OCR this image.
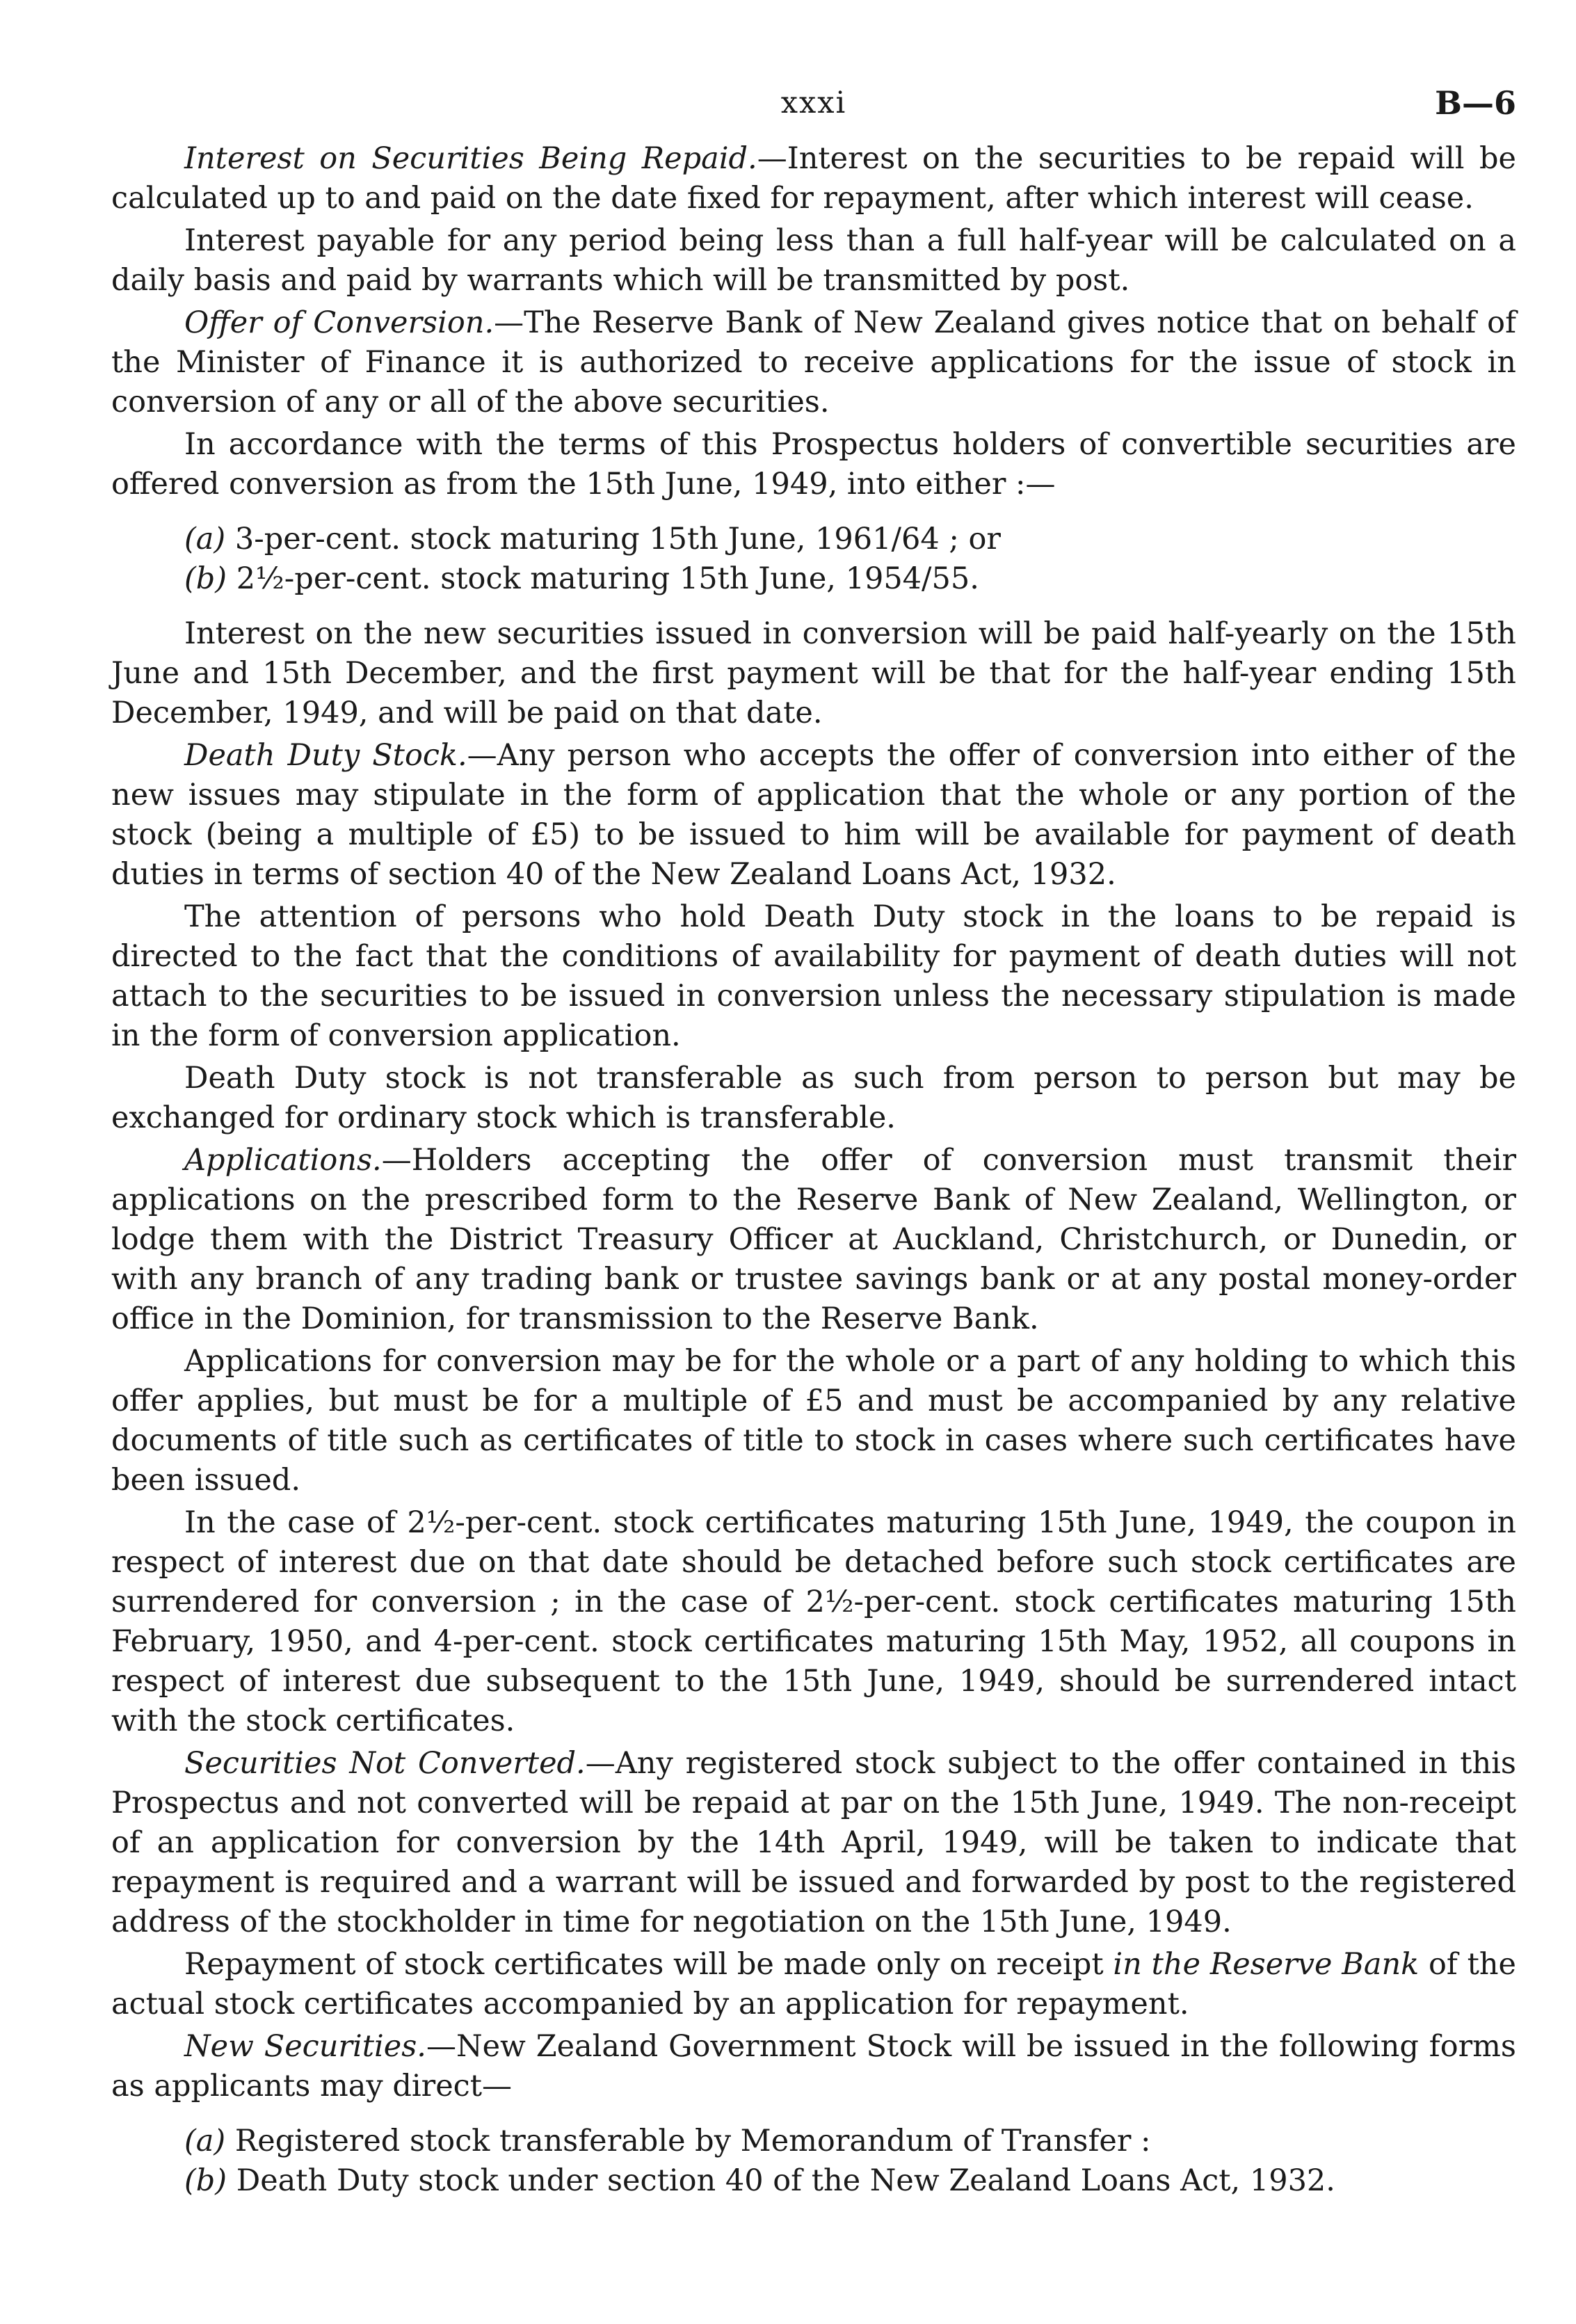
xxxi	B—6

Interest on Securities Being Repaid.—Interest on the securities to be repaid will be calculated up to and paid on the date fixed for repayment, after which interest will cease.

Interest payable for any period being less than a full half-year will be calculated on a daily basis and paid by warrants which will be transmitted by post.

Offer of Conversion.—The Reserve Bank of New Zealand gives notice that on behalf of the Minister of Finance it is authorized to receive applications for the issue of stock in conversion of any or all of the above securities.

In accordance with the terms of this Prospectus holders of convertible securities are offered conversion as from the 15th June, 1949, into either :—

(a) 3-per-cent. stock maturing 15th June, 1961/64 ; or
(b) 2½-per-cent. stock maturing 15th June, 1954/55.

Interest on the new securities issued in conversion will be paid half-yearly on the 15th June and 15th December, and the first payment will be that for the half-year ending 15th December, 1949, and will be paid on that date.

Death Duty Stock.—Any person who accepts the offer of conversion into either of the new issues may stipulate in the form of application that the whole or any portion of the stock (being a multiple of £5) to be issued to him will be available for payment of death duties in terms of section 40 of the New Zealand Loans Act, 1932.

The attention of persons who hold Death Duty stock in the loans to be repaid is directed to the fact that the conditions of availability for payment of death duties will not attach to the securities to be issued in conversion unless the necessary stipulation is made in the form of conversion application.

Death Duty stock is not transferable as such from person to person but may be exchanged for ordinary stock which is transferable.

Applications.—Holders accepting the offer of conversion must transmit their applications on the prescribed form to the Reserve Bank of New Zealand, Wellington, or lodge them with the District Treasury Officer at Auckland, Christchurch, or Dunedin, or with any branch of any trading bank or trustee savings bank or at any postal money-order office in the Dominion, for transmission to the Reserve Bank.

Applications for conversion may be for the whole or a part of any holding to which this offer applies, but must be for a multiple of £5 and must be accompanied by any relative documents of title such as certificates of title to stock in cases where such certificates have been issued.

In the case of 2½-per-cent. stock certificates maturing 15th June, 1949, the coupon in respect of interest due on that date should be detached before such stock certificates are surrendered for conversion ; in the case of 2½-per-cent. stock certificates maturing 15th February, 1950, and 4-per-cent. stock certificates maturing 15th May, 1952, all coupons in respect of interest due subsequent to the 15th June, 1949, should be surrendered intact with the stock certificates.

Securities Not Converted.—Any registered stock subject to the offer contained in this Prospectus and not converted will be repaid at par on the 15th June, 1949. The non-receipt of an application for conversion by the 14th April, 1949, will be taken to indicate that repayment is required and a warrant will be issued and forwarded by post to the registered address of the stockholder in time for negotiation on the 15th June, 1949.

Repayment of stock certificates will be made only on receipt in the Reserve Bank of the actual stock certificates accompanied by an application for repayment.

New Securities.—New Zealand Government Stock will be issued in the following forms as applicants may direct—

(a) Registered stock transferable by Memorandum of Transfer :
(b) Death Duty stock under section 40 of the New Zealand Loans Act, 1932.
